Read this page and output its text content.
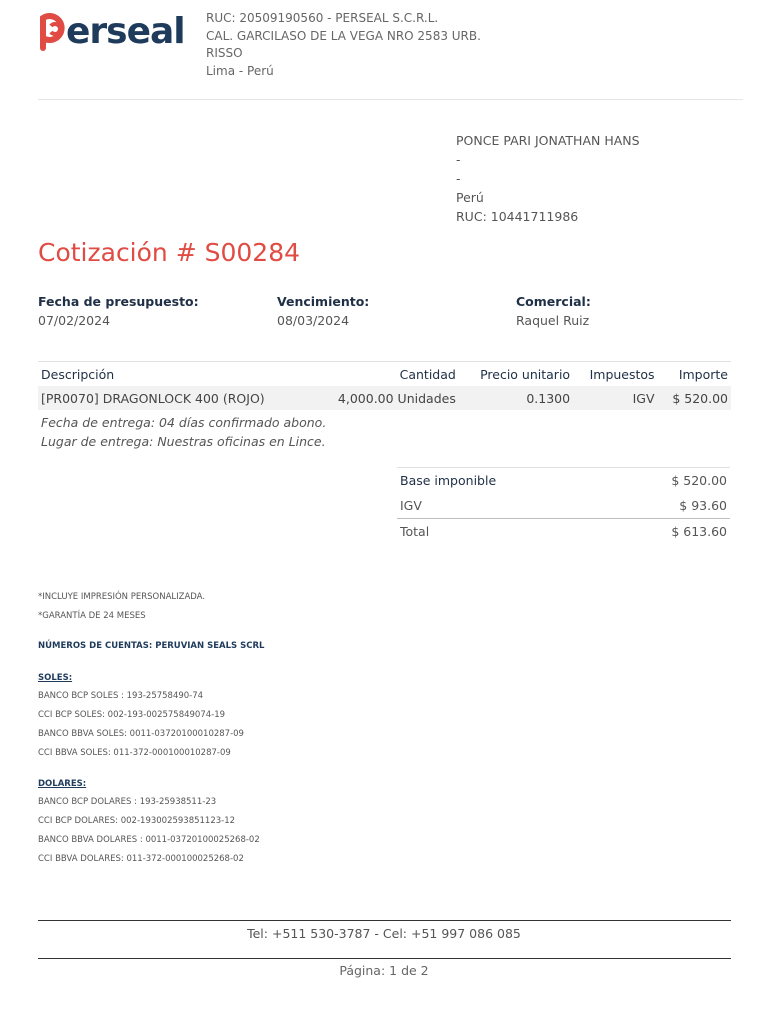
erseal RUC: 20509190560 - PERSEAL S.C.R.L.
CAL. GARCILASO DE LA VEGA NRO 2583 URB.
RISSO
Lima - Perú
PONCE PARI JONATHAN HANS
-
-
Perú
RUC: 10441711986
Cotización # S00284
Fecha de presupuesto:
07/02/2024
Vencimiento:
08/03/2024
Comercial:
Raquel Ruiz
Descripción	Cantidad	Precio unitario	Impuestos	Importe
[PR0070] DRAGONLOCK 400 (ROJO)	4,000.00 Unidades	0.1300	IGV	$ 520.00
Fecha de entrega: 04 días confirmado abono.
Lugar de entrega: Nuestras oficinas en Lince.
Base imponible	$ 520.00
IGV	$ 93.60
Total	$ 613.60
*INCLUYE IMPRESIÓN PERSONALIZADA.
*GARANTÍA DE 24 MESES
NÚMEROS DE CUENTAS: PERUVIAN SEALS SCRL
SOLES:
BANCO BCP SOLES : 193-25758490-74
CCI BCP SOLES: 002-193-002575849074-19
BANCO BBVA SOLES: 0011-03720100010287-09
CCI BBVA SOLES: 011-372-000100010287-09
DOLARES:
BANCO BCP DOLARES : 193-25938511-23
CCI BCP DOLARES: 002-193002593851123-12
BANCO BBVA DOLARES : 0011-03720100025268-02
CCI BBVA DOLARES: 011-372-000100025268-02
Tel: +511 530-3787 - Cel: +51 997 086 085
Página: 1 de 2
